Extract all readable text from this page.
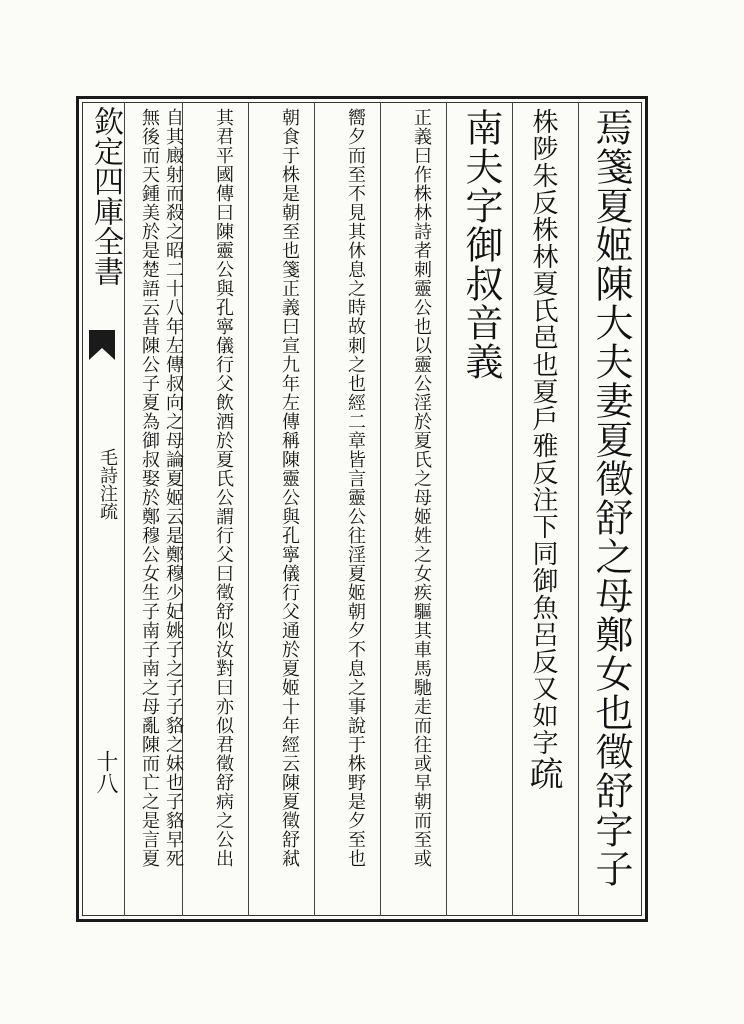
欽定四庫全書
毛詩注疏
十八	焉箋夏姬陳大夫妻夏徵舒之母鄭女也徵舒字子
株陟朱反株林夏氏邑也夏戶雅反注下同御魚呂反又如字疏
南夫字御叔音義
正義曰作株林詩者刺靈公也以靈公淫於夏氏之母姬姓之女疾驅其車馬馳走而往或早朝而至或
嚮夕而至不見其休息之時故刺之也經二章皆言靈公往淫夏姬朝夕不息之事說于株野是夕至也
朝食于株是朝至也箋正義曰宣九年左傳稱陳靈公與孔寧儀行父通於夏姬十年經云陳夏徵舒弒
其君平國傳曰陳靈公與孔寧儀行父飲酒於夏氏公謂行父曰徵舒似汝對曰亦似君徵舒病之公出
自其廄射而殺之昭二十八年左傳叔向之母論夏姬云是鄭穆少妃姚子之子子貉之妹也子貉早死
無後而天鍾美於是楚語云昔陳公子夏為御叔娶於鄭穆公女生子南子南之母亂陳而亡之是言夏
